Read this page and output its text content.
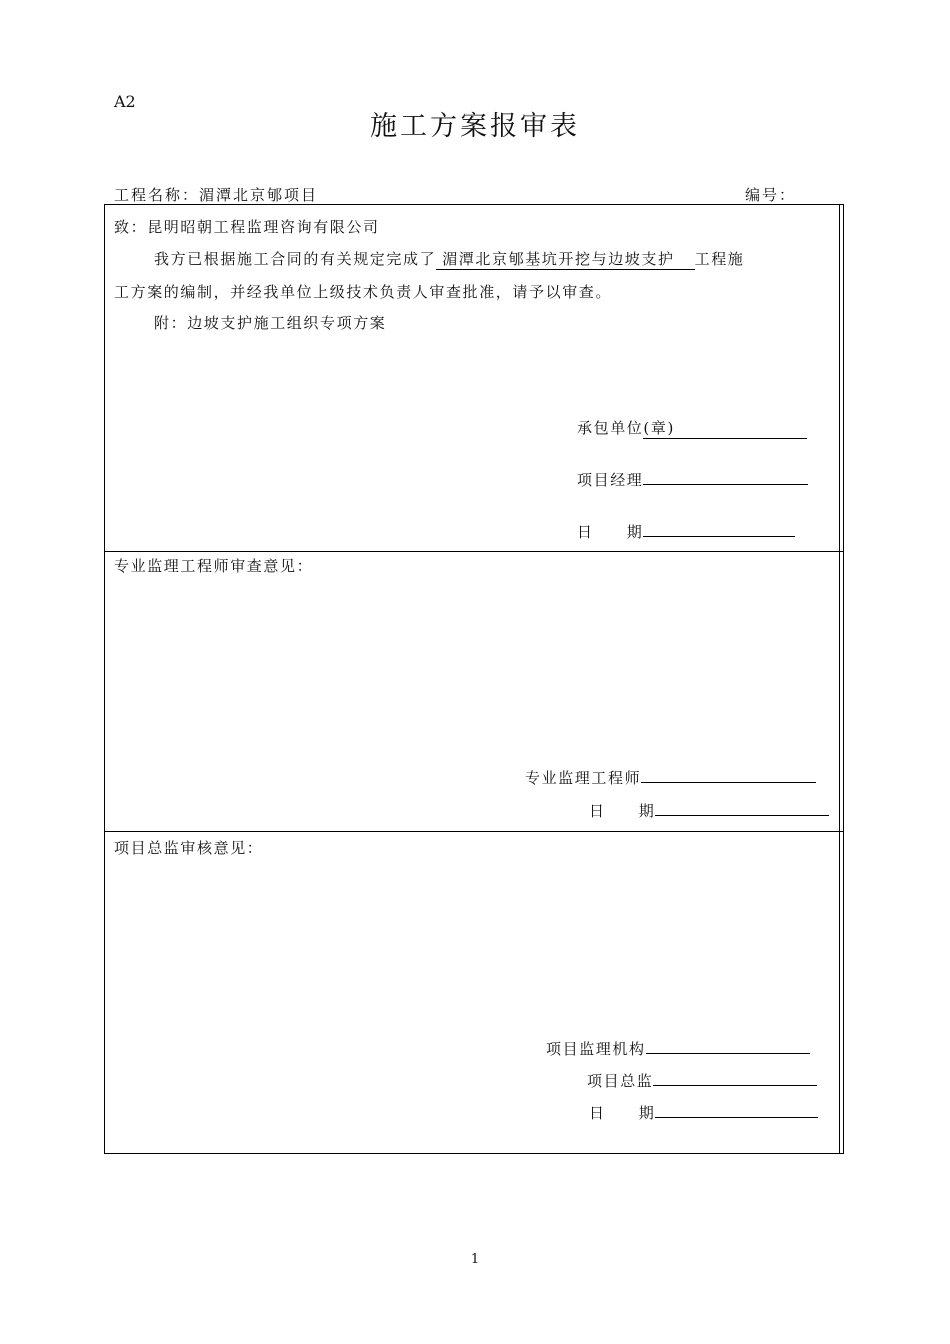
A2
施工方案报审表
工程名称：湄潭北京郇项目	编号：
致：昆明昭朝工程监理咨询有限公司
我方已根据施工合同的有关规定完成了 湄潭北京郇基坑开挖与边坡支护 工程施
工方案的编制，并经我单位上级技术负责人审查批准，请予以审查。
附：边坡支护施工组织专项方案
承包单位(章)
项目经理
日　　期
专业监理工程师审查意见：
专业监理工程师
日　　期
项目总监审核意见：
项目监理机构
项目总监
日　　期
1
